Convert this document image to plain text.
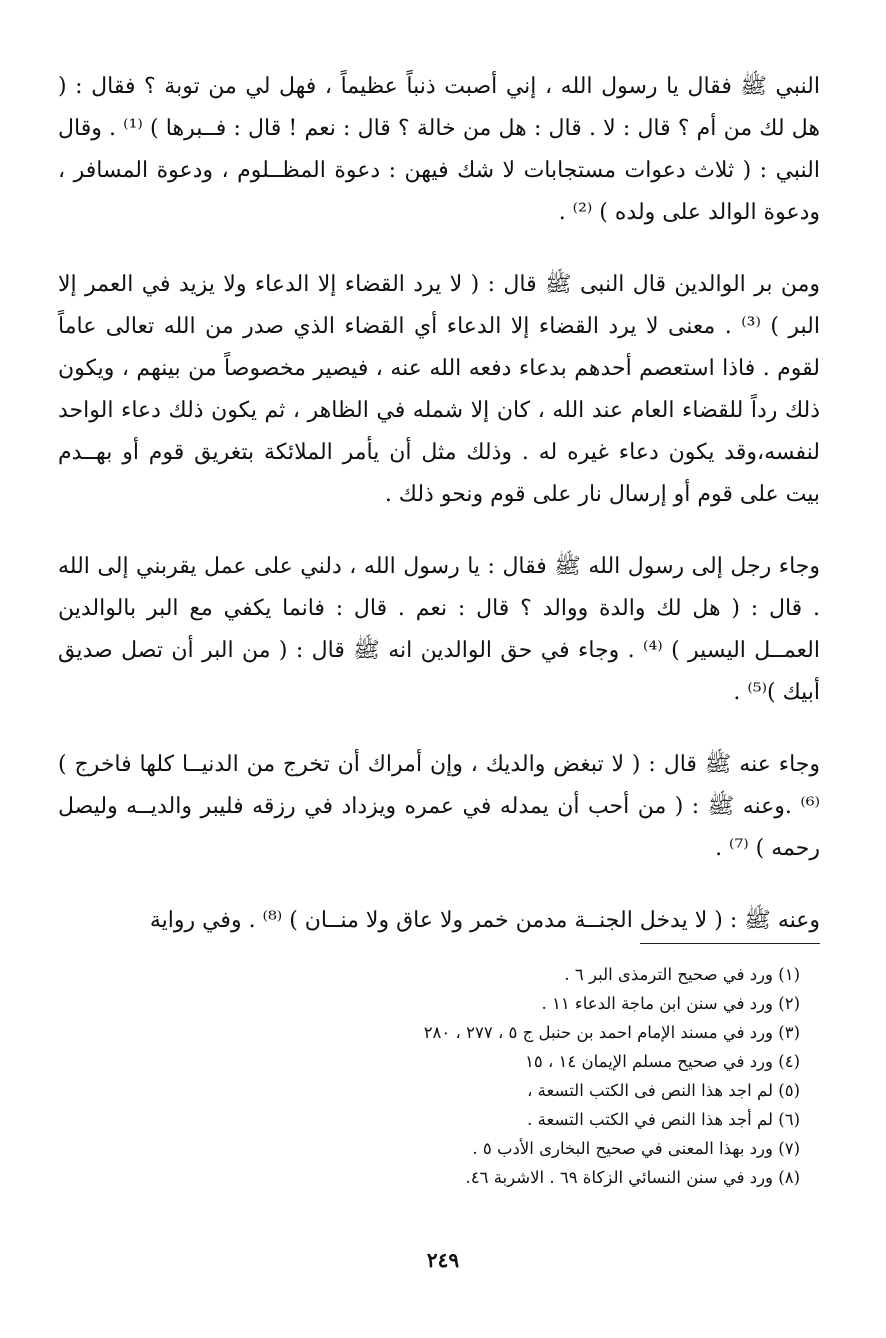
النبي ﷺ فقال يا رسول الله ، إني أصبت ذنباً عظيماً ، فهل لي من توبة ؟ فقال : ( هل لك من أم ؟ قال : لا . قال : هل من خالة ؟ قال : نعم ! قال : فــبرها ) ⁽¹⁾ . وقال النبي : ( ثلاث دعوات مستجابات لا شك فيهن : دعوة المظــلوم ، ودعوة المسافر ، ودعوة الوالد على ولده ) ⁽²⁾ .

ومن بر الوالدين قال النبى ﷺ قال : ( لا يرد القضاء إلا الدعاء ولا يزيد في العمر إلا البر ) ⁽³⁾ . معنى لا يرد القضاء إلا الدعاء أي القضاء الذي صدر من الله تعالى عاماً لقوم . فاذا استعصم أحدهم بدعاء دفعه الله عنه ، فيصير مخصوصاً من بينهم ، ويكون ذلك رداً للقضاء العام عند الله ، كان إلا شمله في الظاهر ، ثم يكون ذلك دعاء الواحد لنفسه،وقد يكون دعاء غيره له . وذلك مثل أن يأمر الملائكة بتغريق قوم أو بهــدم بيت على قوم أو إرسال نار على قوم ونحو ذلك .

وجاء رجل إلى رسول الله ﷺ فقال : يا رسول الله ، دلني على عمل يقربني إلى الله . قال : ( هل لك والدة ووالد ؟ قال : نعم . قال : فانما يكفي مع البر بالوالدين العمــل اليسير ) ⁽⁴⁾ . وجاء في حق الوالدين انه ﷺ قال : ( من البر أن تصل صديق أبيك )⁽⁵⁾ .

وجاء عنه ﷺ قال : ( لا تبغض والديك ، وإن أمراك أن تخرج من الدنيــا كلها فاخرج ) ⁽⁶⁾ .وعنه ﷺ : ( من أحب أن يمدله في عمره ويزداد في رزقه فليبر والديــه وليصل رحمه ) ⁽⁷⁾ .

وعنه ﷺ : ( لا يدخل الجنــة مدمن خمر ولا عاق ولا منــان ) ⁽⁸⁾ . وفي رواية

(١) ورد في صحيح الترمذى البر ٦ .

(٢) ورد في سنن ابن ماجة الدعاء ١١ .

(٣) ورد في مسند الإمام احمد بن حنبل ج ٥ ، ٢٧٧ ، ٢٨٠

(٤) ورد في صحيح مسلم الإيمان ١٤ ، ١٥

(٥) لم اجد هذا النص فى الكتب التسعة ،

(٦) لم أجد هذا النص في الكتب التسعة .

(٧) ورد بهذا المعنى في صحيح البخارى الأدب ٥ .

(٨) ورد في سنن النسائي الزكاة ٦٩ . الاشربة ٤٦.

٢٤٩
